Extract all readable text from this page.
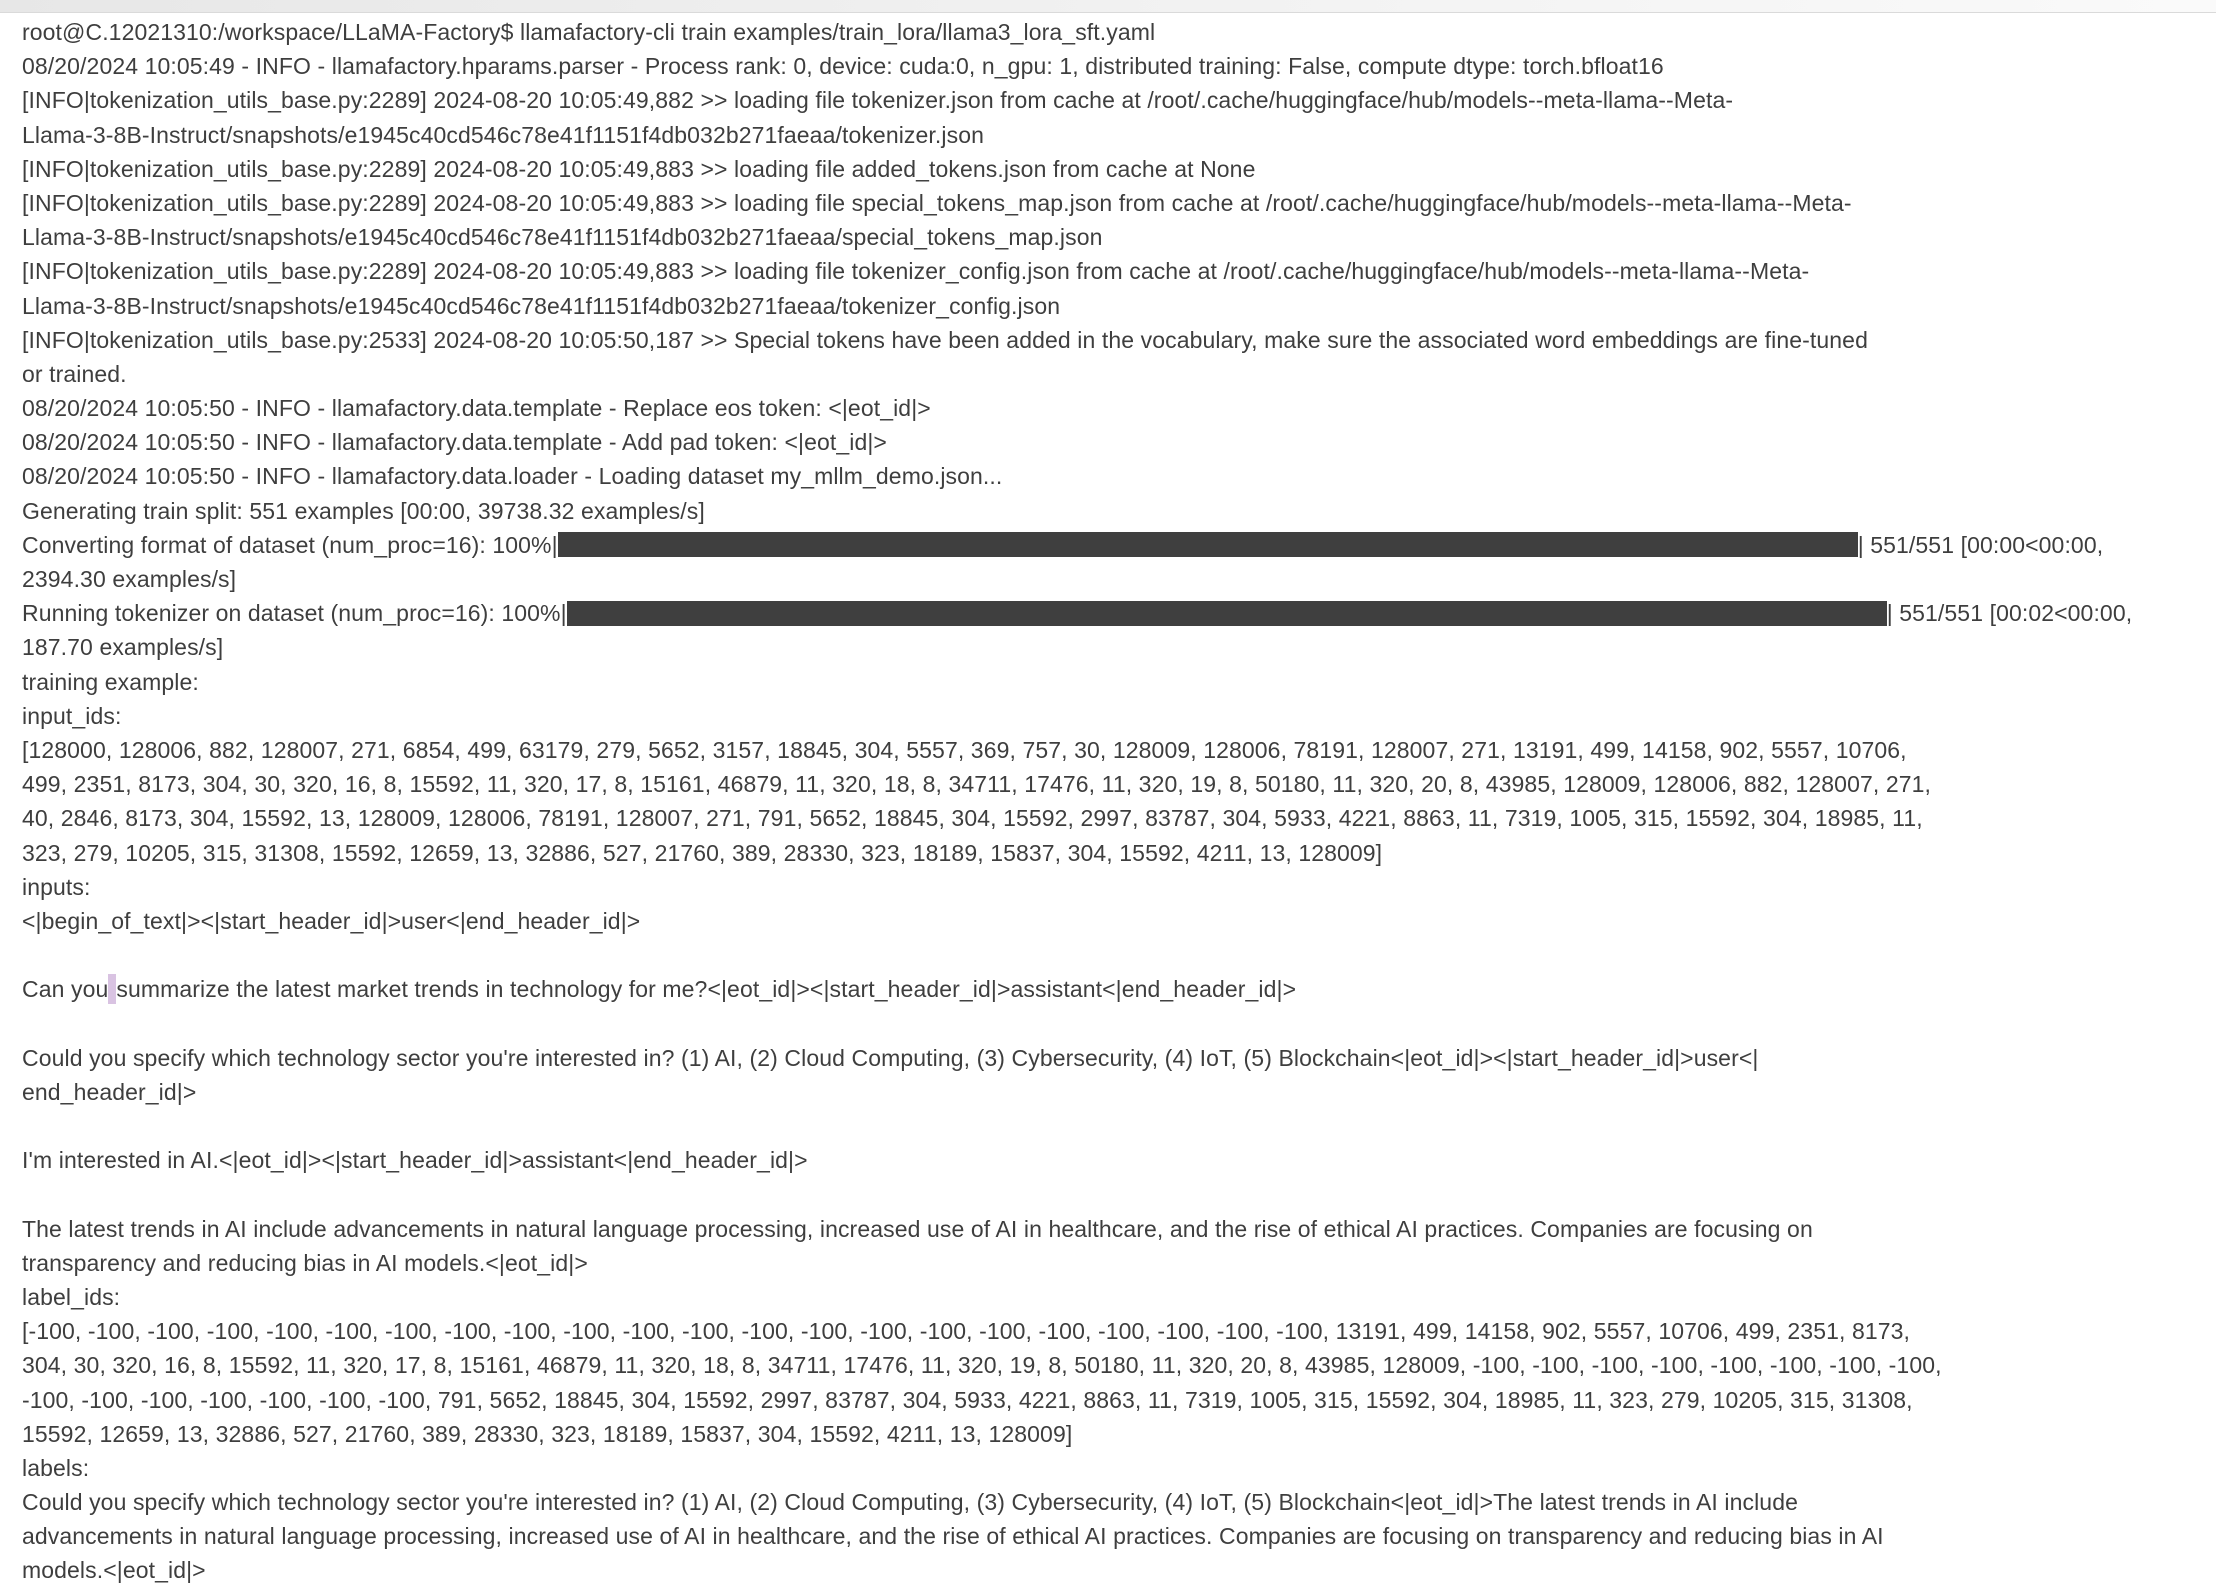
root@C.12021310:/workspace/LLaMA-Factory$ llamafactory-cli train examples/train_lora/llama3_lora_sft.yaml
08/20/2024 10:05:49 - INFO - llamafactory.hparams.parser - Process rank: 0, device: cuda:0, n_gpu: 1, distributed training: False, compute dtype: torch.bfloat16
[INFO|tokenization_utils_base.py:2289] 2024-08-20 10:05:49,882 >> loading file tokenizer.json from cache at /root/.cache/huggingface/hub/models--meta-llama--Meta-
Llama-3-8B-Instruct/snapshots/e1945c40cd546c78e41f1151f4db032b271faeaa/tokenizer.json
[INFO|tokenization_utils_base.py:2289] 2024-08-20 10:05:49,883 >> loading file added_tokens.json from cache at None
[INFO|tokenization_utils_base.py:2289] 2024-08-20 10:05:49,883 >> loading file special_tokens_map.json from cache at /root/.cache/huggingface/hub/models--meta-llama--Meta-
Llama-3-8B-Instruct/snapshots/e1945c40cd546c78e41f1151f4db032b271faeaa/special_tokens_map.json
[INFO|tokenization_utils_base.py:2289] 2024-08-20 10:05:49,883 >> loading file tokenizer_config.json from cache at /root/.cache/huggingface/hub/models--meta-llama--Meta-
Llama-3-8B-Instruct/snapshots/e1945c40cd546c78e41f1151f4db032b271faeaa/tokenizer_config.json
[INFO|tokenization_utils_base.py:2533] 2024-08-20 10:05:50,187 >> Special tokens have been added in the vocabulary, make sure the associated word embeddings are fine-tuned
or trained.
08/20/2024 10:05:50 - INFO - llamafactory.data.template - Replace eos token: <|eot_id|>
08/20/2024 10:05:50 - INFO - llamafactory.data.template - Add pad token: <|eot_id|>
08/20/2024 10:05:50 - INFO - llamafactory.data.loader - Loading dataset my_mllm_demo.json...
Generating train split: 551 examples [00:00, 39738.32 examples/s]
Converting format of dataset (num_proc=16): 100%|	| 551/551 [00:00<00:00,
2394.30 examples/s]
Running tokenizer on dataset (num_proc=16): 100%|	| 551/551 [00:02<00:00,
187.70 examples/s]
training example:
input_ids:
[128000, 128006, 882, 128007, 271, 6854, 499, 63179, 279, 5652, 3157, 18845, 304, 5557, 369, 757, 30, 128009, 128006, 78191, 128007, 271, 13191, 499, 14158, 902, 5557, 10706,
499, 2351, 8173, 304, 30, 320, 16, 8, 15592, 11, 320, 17, 8, 15161, 46879, 11, 320, 18, 8, 34711, 17476, 11, 320, 19, 8, 50180, 11, 320, 20, 8, 43985, 128009, 128006, 882, 128007, 271,
40, 2846, 8173, 304, 15592, 13, 128009, 128006, 78191, 128007, 271, 791, 5652, 18845, 304, 15592, 2997, 83787, 304, 5933, 4221, 8863, 11, 7319, 1005, 315, 15592, 304, 18985, 11,
323, 279, 10205, 315, 31308, 15592, 12659, 13, 32886, 527, 21760, 389, 28330, 323, 18189, 15837, 304, 15592, 4211, 13, 128009]
inputs:
<|begin_of_text|><|start_header_id|>user<|end_header_id|>

Can you summarize the latest market trends in technology for me?<|eot_id|><|start_header_id|>assistant<|end_header_id|>

Could you specify which technology sector you're interested in? (1) AI, (2) Cloud Computing, (3) Cybersecurity, (4) IoT, (5) Blockchain<|eot_id|><|start_header_id|>user<|
end_header_id|>

I'm interested in AI.<|eot_id|><|start_header_id|>assistant<|end_header_id|>

The latest trends in AI include advancements in natural language processing, increased use of AI in healthcare, and the rise of ethical AI practices. Companies are focusing on
transparency and reducing bias in AI models.<|eot_id|>
label_ids:
[-100, -100, -100, -100, -100, -100, -100, -100, -100, -100, -100, -100, -100, -100, -100, -100, -100, -100, -100, -100, -100, -100, 13191, 499, 14158, 902, 5557, 10706, 499, 2351, 8173,
304, 30, 320, 16, 8, 15592, 11, 320, 17, 8, 15161, 46879, 11, 320, 18, 8, 34711, 17476, 11, 320, 19, 8, 50180, 11, 320, 20, 8, 43985, 128009, -100, -100, -100, -100, -100, -100, -100, -100,
-100, -100, -100, -100, -100, -100, -100, 791, 5652, 18845, 304, 15592, 2997, 83787, 304, 5933, 4221, 8863, 11, 7319, 1005, 315, 15592, 304, 18985, 11, 323, 279, 10205, 315, 31308,
15592, 12659, 13, 32886, 527, 21760, 389, 28330, 323, 18189, 15837, 304, 15592, 4211, 13, 128009]
labels:
Could you specify which technology sector you're interested in? (1) AI, (2) Cloud Computing, (3) Cybersecurity, (4) IoT, (5) Blockchain<|eot_id|>The latest trends in AI include
advancements in natural language processing, increased use of AI in healthcare, and the rise of ethical AI practices. Companies are focusing on transparency and reducing bias in AI
models.<|eot_id|>
